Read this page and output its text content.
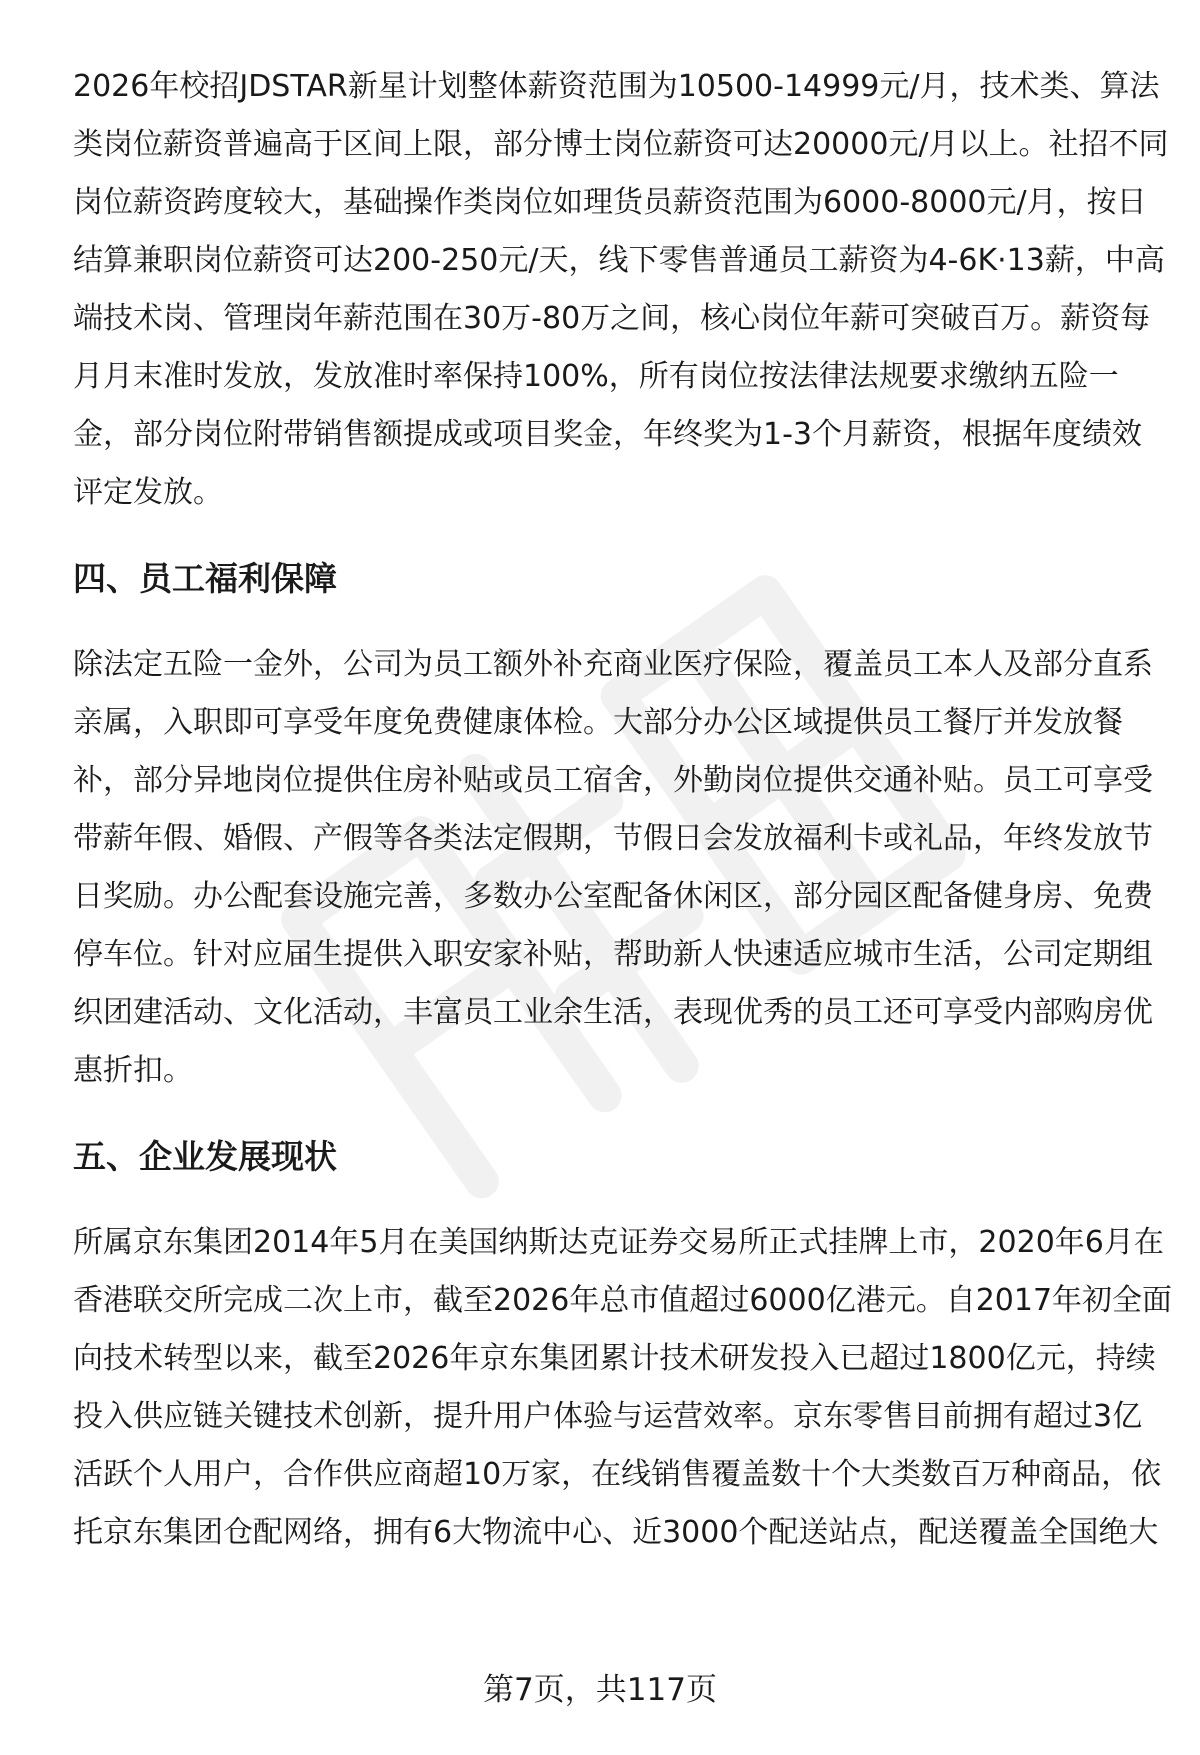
2026年校招JDSTAR新星计划整体薪资范围为10500-14999元/月，技术类、算法
类岗位薪资普遍高于区间上限，部分博士岗位薪资可达20000元/月以上。社招不同
岗位薪资跨度较大，基础操作类岗位如理货员薪资范围为6000-8000元/月，按日
结算兼职岗位薪资可达200-250元/天，线下零售普通员工薪资为4-6K·13薪，中高
端技术岗、管理岗年薪范围在30万-80万之间，核心岗位年薪可突破百万。薪资每
月月末准时发放，发放准时率保持100%，所有岗位按法律法规要求缴纳五险一
金，部分岗位附带销售额提成或项目奖金，年终奖为1-3个月薪资，根据年度绩效
评定发放。

四、员工福利保障

除法定五险一金外，公司为员工额外补充商业医疗保险，覆盖员工本人及部分直系
亲属，入职即可享受年度免费健康体检。大部分办公区域提供员工餐厅并发放餐
补，部分异地岗位提供住房补贴或员工宿舍，外勤岗位提供交通补贴。员工可享受
带薪年假、婚假、产假等各类法定假期，节假日会发放福利卡或礼品，年终发放节
日奖励。办公配套设施完善，多数办公室配备休闲区，部分园区配备健身房、免费
停车位。针对应届生提供入职安家补贴，帮助新人快速适应城市生活，公司定期组
织团建活动、文化活动，丰富员工业余生活，表现优秀的员工还可享受内部购房优
惠折扣。

五、企业发展现状

所属京东集团2014年5月在美国纳斯达克证券交易所正式挂牌上市，2020年6月在
香港联交所完成二次上市，截至2026年总市值超过6000亿港元。自2017年初全面
向技术转型以来，截至2026年京东集团累计技术研发投入已超过1800亿元，持续
投入供应链关键技术创新，提升用户体验与运营效率。京东零售目前拥有超过3亿
活跃个人用户，合作供应商超10万家，在线销售覆盖数十个大类数百万种商品，依
托京东集团仓配网络，拥有6大物流中心、近3000个配送站点，配送覆盖全国绝大

第7页，共117页
